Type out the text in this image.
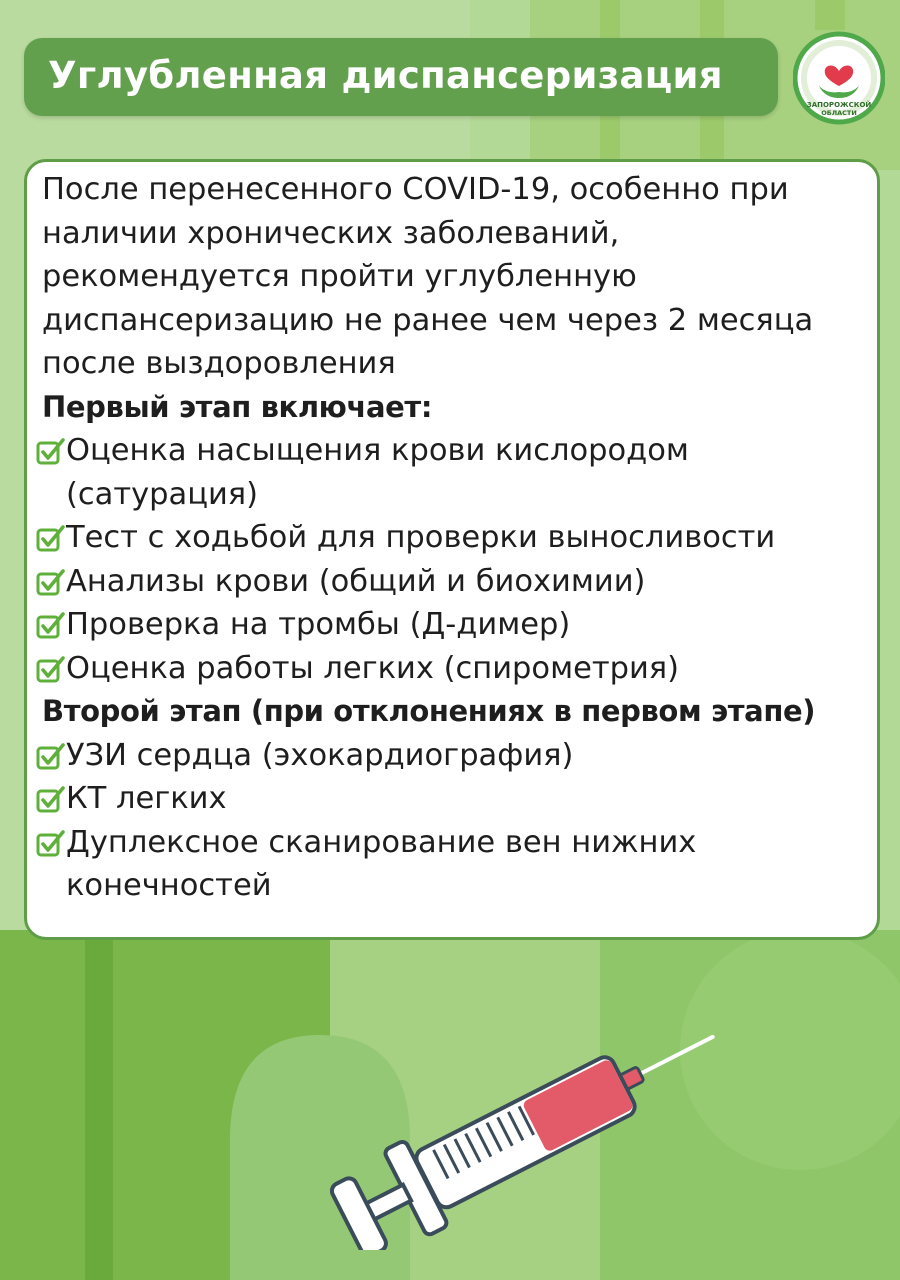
Углубленная диспансеризация
ЗАПОРОЖСКОЙ
ОБЛАСТИ

После перенесенного COVID-19, особенно при наличии хронических заболеваний, рекомендуется пройти углубленную диспансеризацию не ранее чем через 2 месяца после выздоровления

Первый этап включает:

Оценка насыщения крови кислородом (сатурация)
Тест с ходьбой для проверки выносливости
Анализы крови (общий и биохимии)
Проверка на тромбы (Д-димер)
Оценка работы легких (спирометрия)

Второй этап (при отклонениях в первом этапе)

УЗИ сердца (эхокардиография)
КТ легких
Дуплексное сканирование вен нижних конечностей
